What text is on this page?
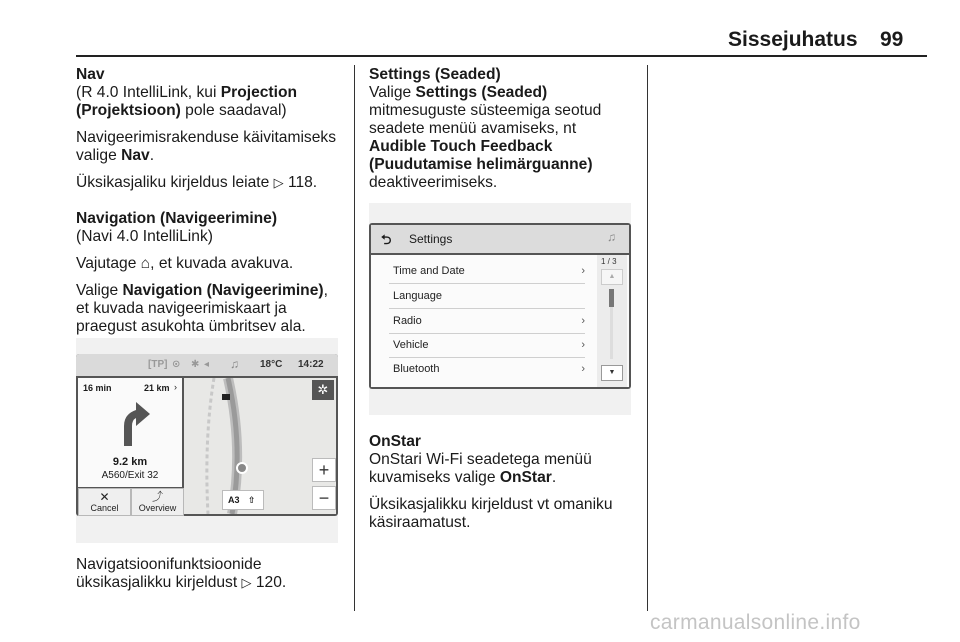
Sissejuhatus 99

Nav

(R 4.0 IntelliLink, kui Projection (Projektsioon) pole saadaval)

Navigeerimisrakenduse käivitamiseks valige Nav.

Üksikasjaliku kirjeldus leiate ▷ 118.

Navigation (Navigeerimine)

(Navi 4.0 IntelliLink)

Vajutage ⌂, et kuvada avakuva.

Valige Navigation (Navigeerimine), et kuvada navigeerimiskaart ja praegust asukohta ümbritsev ala.

[TP] ⊙ ✱ ◂ ♫ 18°C 14:22
16 min	21 km ›
9.2 km
A560/Exit 32
✕
Cancel
⤴
Overview
✲
+
−
A3 ⇧

Navigatsioonifunktsioonide üksikasjalikku kirjeldust ▷ 120.

Settings (Seaded)

Valige Settings (Seaded) mitmesuguste süsteemiga seotud seadete menüü avamiseks, nt Audible Touch Feedback (Puudutamise helimärguanne) deaktiveerimiseks.

⮌ Settings	♫
Time and Date	›
Language
Radio	›
Vehicle	›
Bluetooth	›
1 / 3
▲
▼

OnStar

OnStari Wi-Fi seadetega menüü kuvamiseks valige OnStar.

Üksikasjalikku kirjeldust vt omaniku käsiraamatust.

carmanualsonline.info
